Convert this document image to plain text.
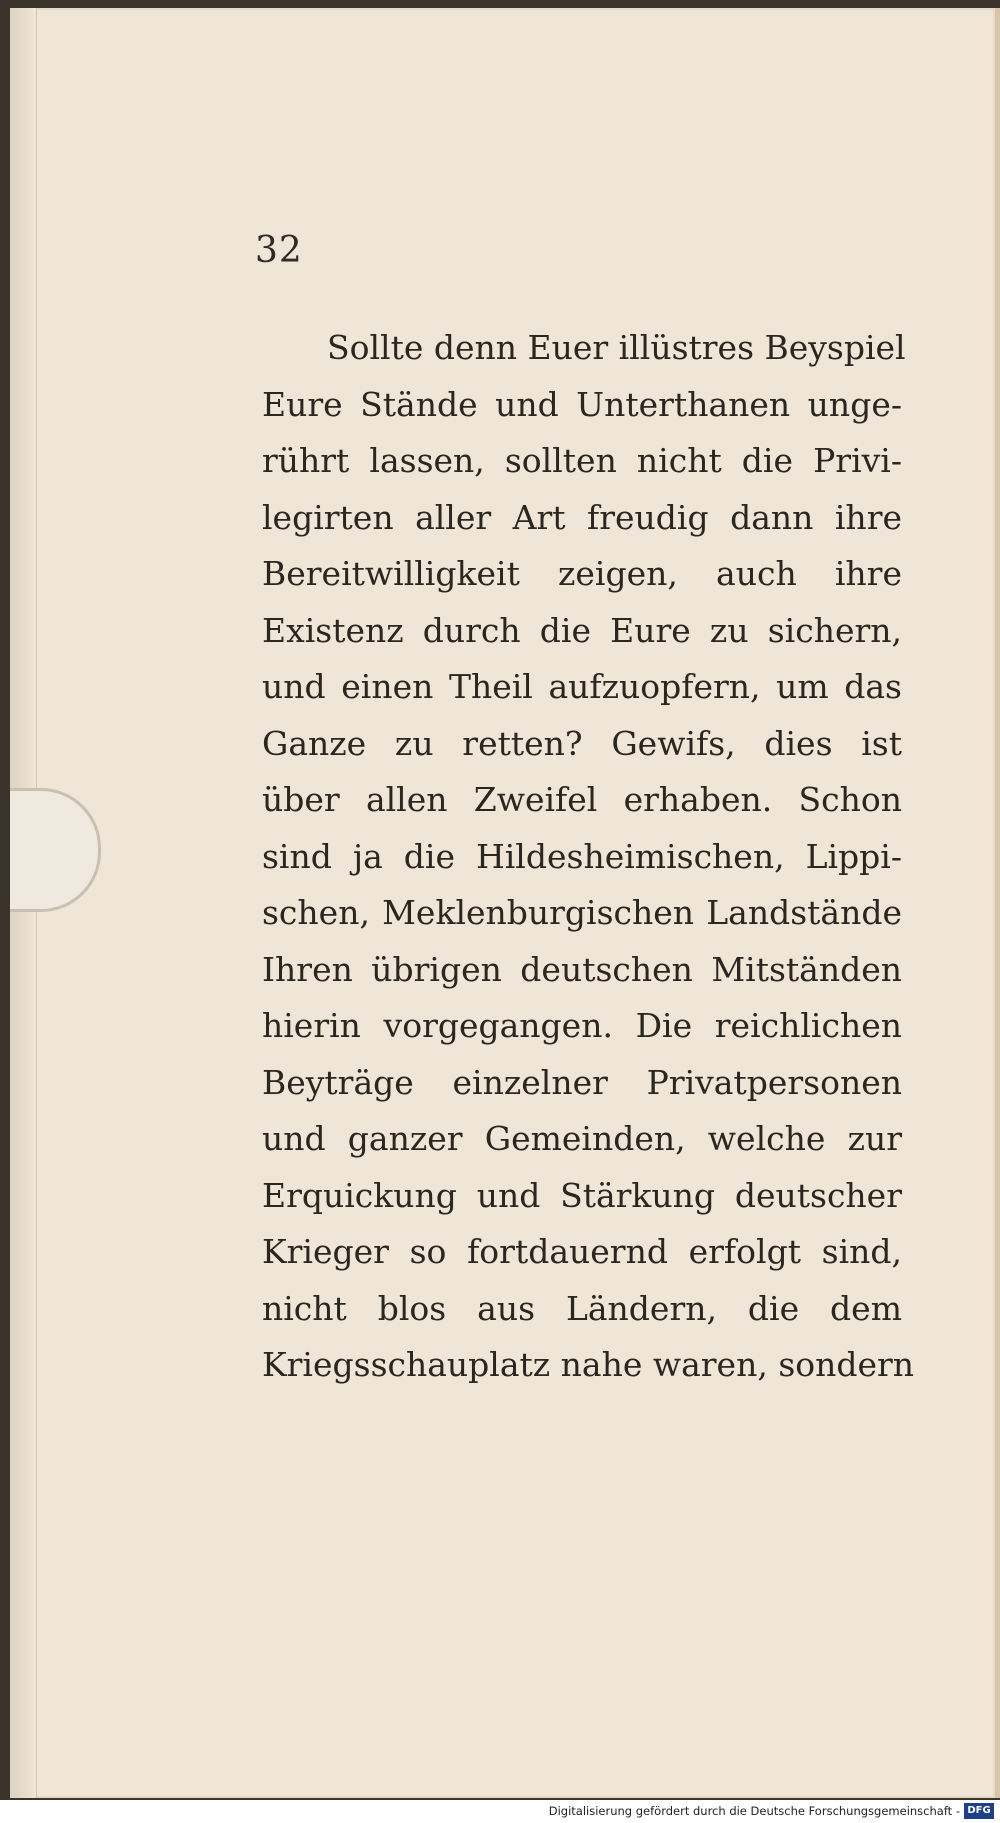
32
Sollte denn Euer illüstres Beyspiel
Eure Stände und Unterthanen unge-
rührt lassen, sollten nicht die Privi-
legirten aller Art freudig dann ihre
Bereitwilligkeit zeigen, auch ihre
Existenz durch die Eure zu sichern,
und einen Theil aufzuopfern, um das
Ganze zu retten? Gewifs, dies ist
über allen Zweifel erhaben. Schon
sind ja die Hildesheimischen, Lippi-
schen, Meklenburgischen Landstände
Ihren übrigen deutschen Mitständen
hierin vorgegangen. Die reichlichen
Beyträge einzelner Privatpersonen
und ganzer Gemeinden, welche zur
Erquickung und Stärkung deutscher
Krieger so fortdauernd erfolgt sind,
nicht blos aus Ländern, die dem
Kriegsschauplatz nahe waren, sondern
Digitalisierung gefördert durch die Deutsche Forschungsgemeinschaft - DFG
